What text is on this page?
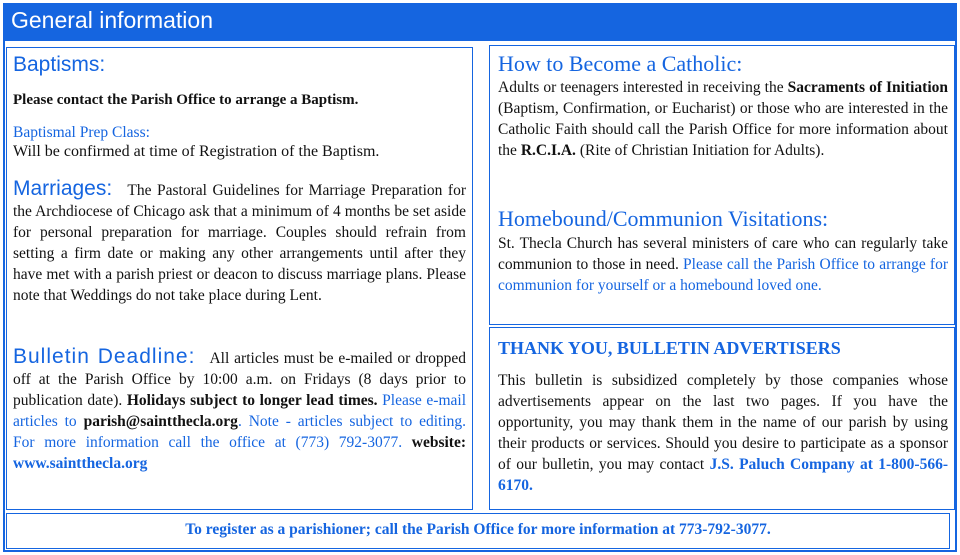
General information
Baptisms:
Please contact the Parish Office to arrange a Baptism.
Baptismal Prep Class:
Will be confirmed at time of Registration of the Baptism.
Marriages: The Pastoral Guidelines for Marriage Preparation for the Archdiocese of Chicago ask that a minimum of 4 months be set aside for personal preparation for marriage. Couples should refrain from setting a firm date or making any other arrangements until after they have met with a parish priest or deacon to discuss marriage plans. Please note that Weddings do not take place during Lent.
Bulletin Deadline: All articles must be e-mailed or dropped off at the Parish Office by 10:00 a.m. on Fridays (8 days prior to publication date). Holidays subject to longer lead times. Please e-mail articles to parish@saintthecla.org. Note - articles subject to editing. For more information call the office at (773) 792-3077. website: www.saintthecla.org
How to Become a Catholic:
Adults or teenagers interested in receiving the Sacraments of Initiation (Baptism, Confirmation, or Eucharist) or those who are interested in the Catholic Faith should call the Parish Office for more information about the R.C.I.A. (Rite of Christian Initiation for Adults).
Homebound/Communion Visitations:
St. Thecla Church has several ministers of care who can regularly take communion to those in need. Please call the Parish Office to arrange for communion for yourself or a homebound loved one.
THANK YOU, BULLETIN ADVERTISERS
This bulletin is subsidized completely by those companies whose advertisements appear on the last two pages. If you have the opportunity, you may thank them in the name of our parish by using their products or services. Should you desire to participate as a sponsor of our bulletin, you may contact J.S. Paluch Company at 1-800-566-6170.
To register as a parishioner; call the Parish Office for more information at 773-792-3077.
